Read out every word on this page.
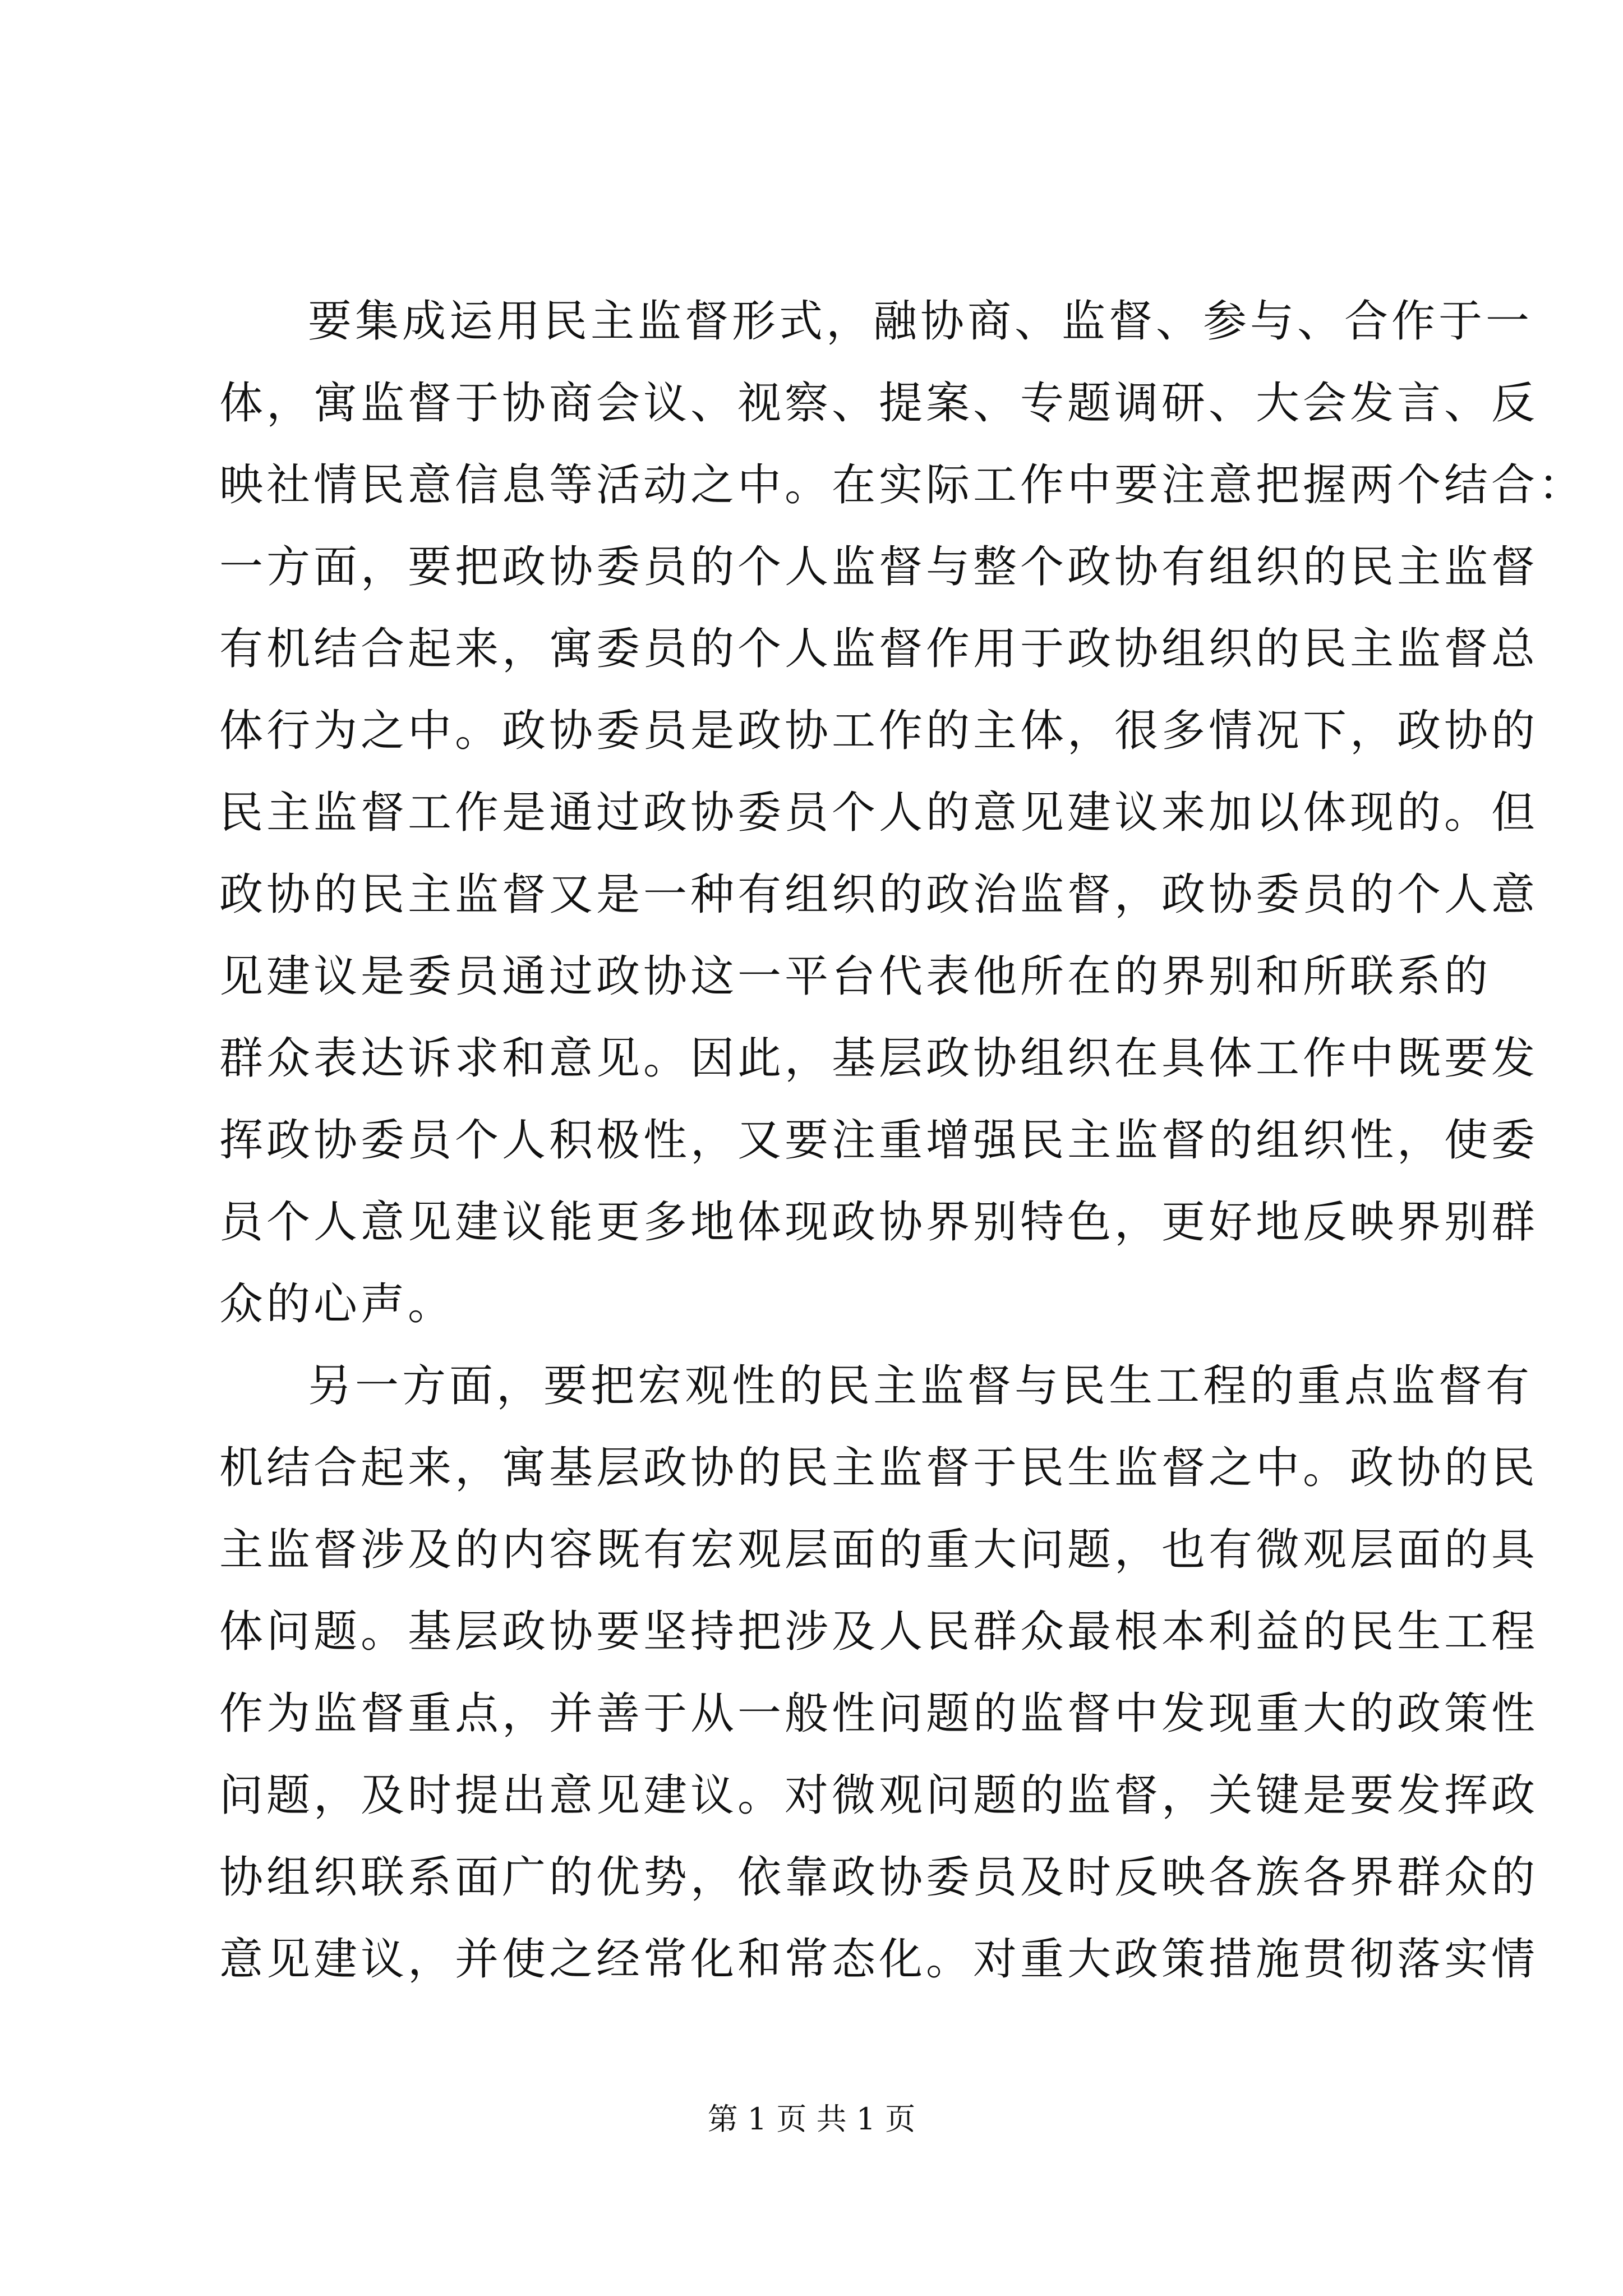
要集成运用民主监督形式，融协商、监督、参与、合作于一
体，寓监督于协商会议、视察、提案、专题调研、大会发言、反
映社情民意信息等活动之中。在实际工作中要注意把握两个结合：
一方面，要把政协委员的个人监督与整个政协有组织的民主监督
有机结合起来，寓委员的个人监督作用于政协组织的民主监督总
体行为之中。政协委员是政协工作的主体，很多情况下，政协的
民主监督工作是通过政协委员个人的意见建议来加以体现的。但
政协的民主监督又是一种有组织的政治监督，政协委员的个人意
见建议是委员通过政协这一平台代表他所在的界别和所联系的
群众表达诉求和意见。因此，基层政协组织在具体工作中既要发
挥政协委员个人积极性，又要注重增强民主监督的组织性，使委
员个人意见建议能更多地体现政协界别特色，更好地反映界别群
众的心声。
另一方面，要把宏观性的民主监督与民生工程的重点监督有
机结合起来，寓基层政协的民主监督于民生监督之中。政协的民
主监督涉及的内容既有宏观层面的重大问题，也有微观层面的具
体问题。基层政协要坚持把涉及人民群众最根本利益的民生工程
作为监督重点，并善于从一般性问题的监督中发现重大的政策性
问题，及时提出意见建议。对微观问题的监督，关键是要发挥政
协组织联系面广的优势，依靠政协委员及时反映各族各界群众的
意见建议，并使之经常化和常态化。对重大政策措施贯彻落实情
第 1 页 共 1 页
